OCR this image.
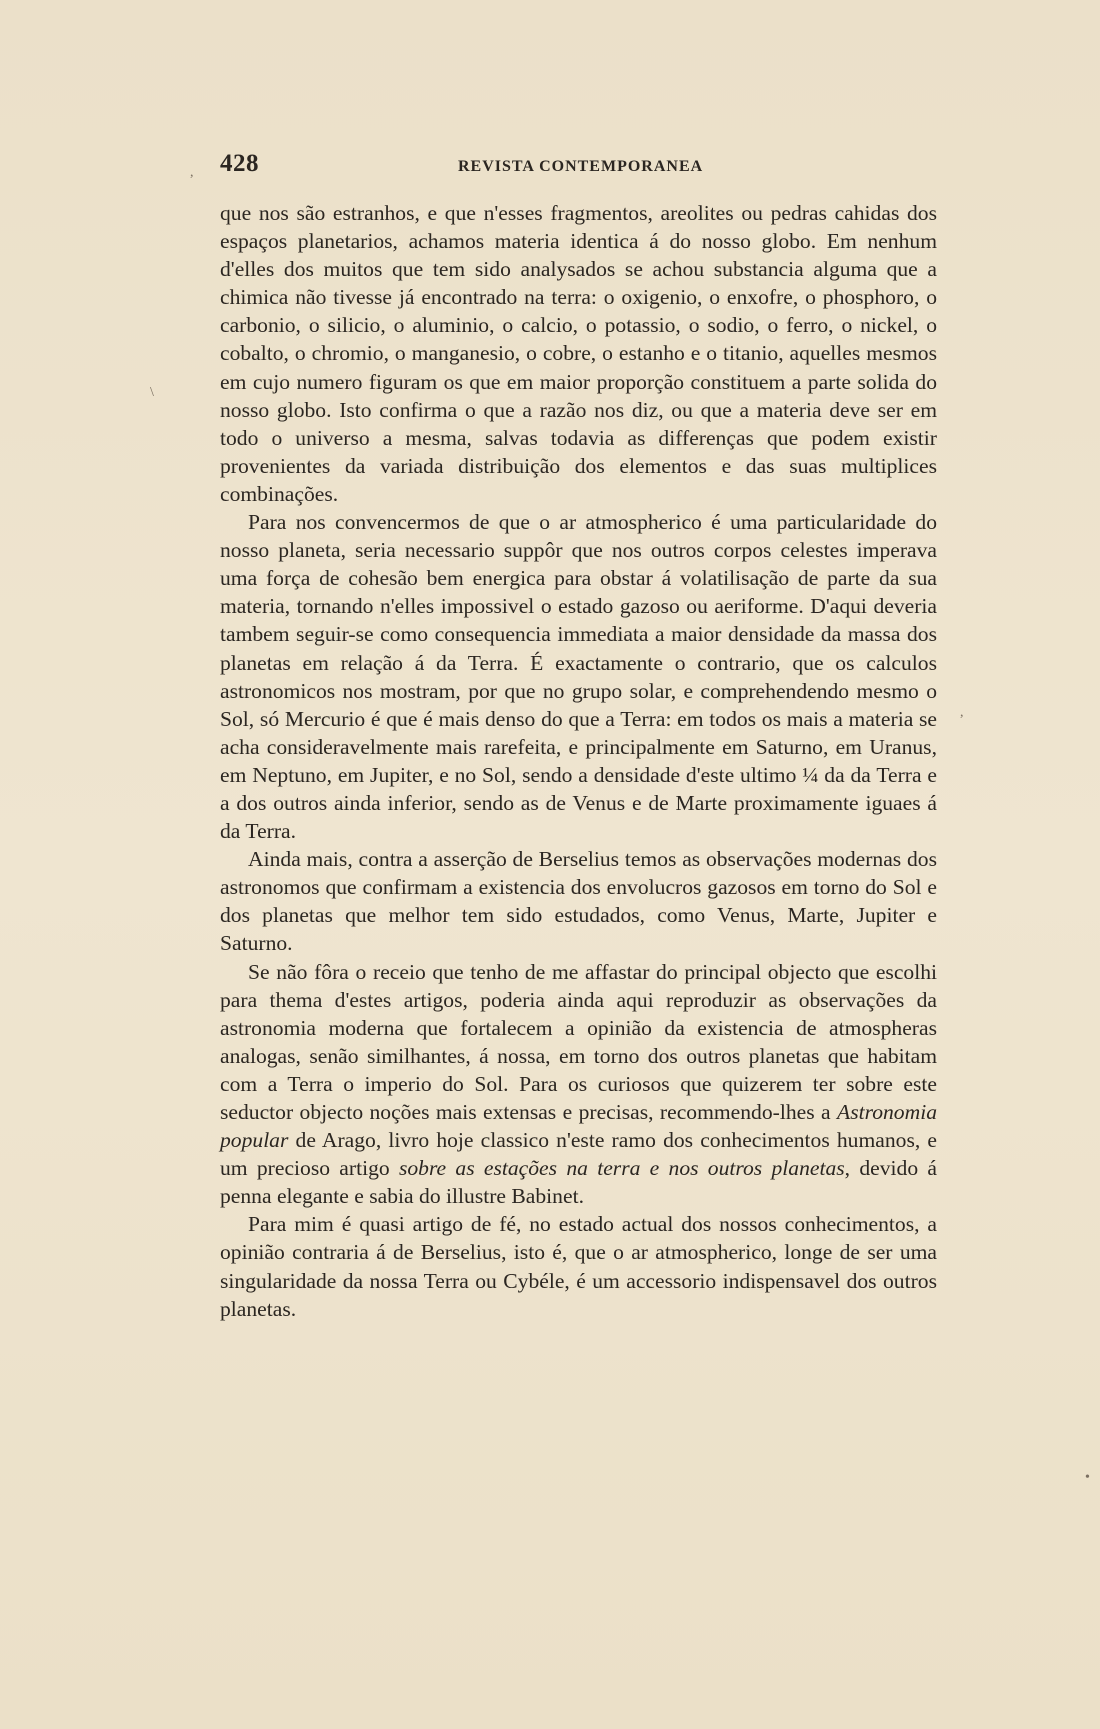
,
\
,
•
428	REVISTA CONTEMPORANEA

que nos são estranhos, e que n'esses fragmentos, areolites ou pedras cahidas dos espaços planetarios, achamos materia identica á do nosso globo. Em nenhum d'elles dos muitos que tem sido analysados se achou substancia alguma que a chimica não tivesse já encontrado na terra: o oxigenio, o enxofre, o phosphoro, o carbonio, o silicio, o aluminio, o calcio, o potassio, o sodio, o ferro, o nickel, o cobalto, o chromio, o manganesio, o cobre, o estanho e o titanio, aquelles mesmos em cujo numero figuram os que em maior proporção constituem a parte solida do nosso globo. Isto confirma o que a razão nos diz, ou que a materia deve ser em todo o universo a mesma, salvas todavia as differenças que podem existir provenientes da variada distribuição dos elementos e das suas multiplices combinações.

Para nos convencermos de que o ar atmospherico é uma particularidade do nosso planeta, seria necessario suppôr que nos outros corpos celestes imperava uma força de cohesão bem energica para obstar á volatilisação de parte da sua materia, tornando n'elles impossivel o estado gazoso ou aeriforme. D'aqui deveria tambem seguir-se como consequencia immediata a maior densidade da massa dos planetas em relação á da Terra. É exactamente o contrario, que os calculos astronomicos nos mostram, por que no grupo solar, e comprehendendo mesmo o Sol, só Mercurio é que é mais denso do que a Terra: em todos os mais a materia se acha consideravelmente mais rarefeita, e principalmente em Saturno, em Uranus, em Neptuno, em Jupiter, e no Sol, sendo a densidade d'este ultimo ¼ da da Terra e a dos outros ainda inferior, sendo as de Venus e de Marte proximamente iguaes á da Terra.

Ainda mais, contra a asserção de Berselius temos as observações modernas dos astronomos que confirmam a existencia dos envolucros gazosos em torno do Sol e dos planetas que melhor tem sido estudados, como Venus, Marte, Jupiter e Saturno.

Se não fôra o receio que tenho de me affastar do principal objecto que escolhi para thema d'estes artigos, poderia ainda aqui reproduzir as observações da astronomia moderna que fortalecem a opinião da existencia de atmospheras analogas, senão similhantes, á nossa, em torno dos outros planetas que habitam com a Terra o imperio do Sol. Para os curiosos que quizerem ter sobre este seductor objecto noções mais extensas e precisas, recommendo-lhes a Astronomia popular de Arago, livro hoje classico n'este ramo dos conhecimentos humanos, e um precioso artigo sobre as estações na terra e nos outros planetas, devido á penna elegante e sabia do illustre Babinet.

Para mim é quasi artigo de fé, no estado actual dos nossos conhecimentos, a opinião contraria á de Berselius, isto é, que o ar atmospherico, longe de ser uma singularidade da nossa Terra ou Cybéle, é um accessorio indispensavel dos outros planetas.
